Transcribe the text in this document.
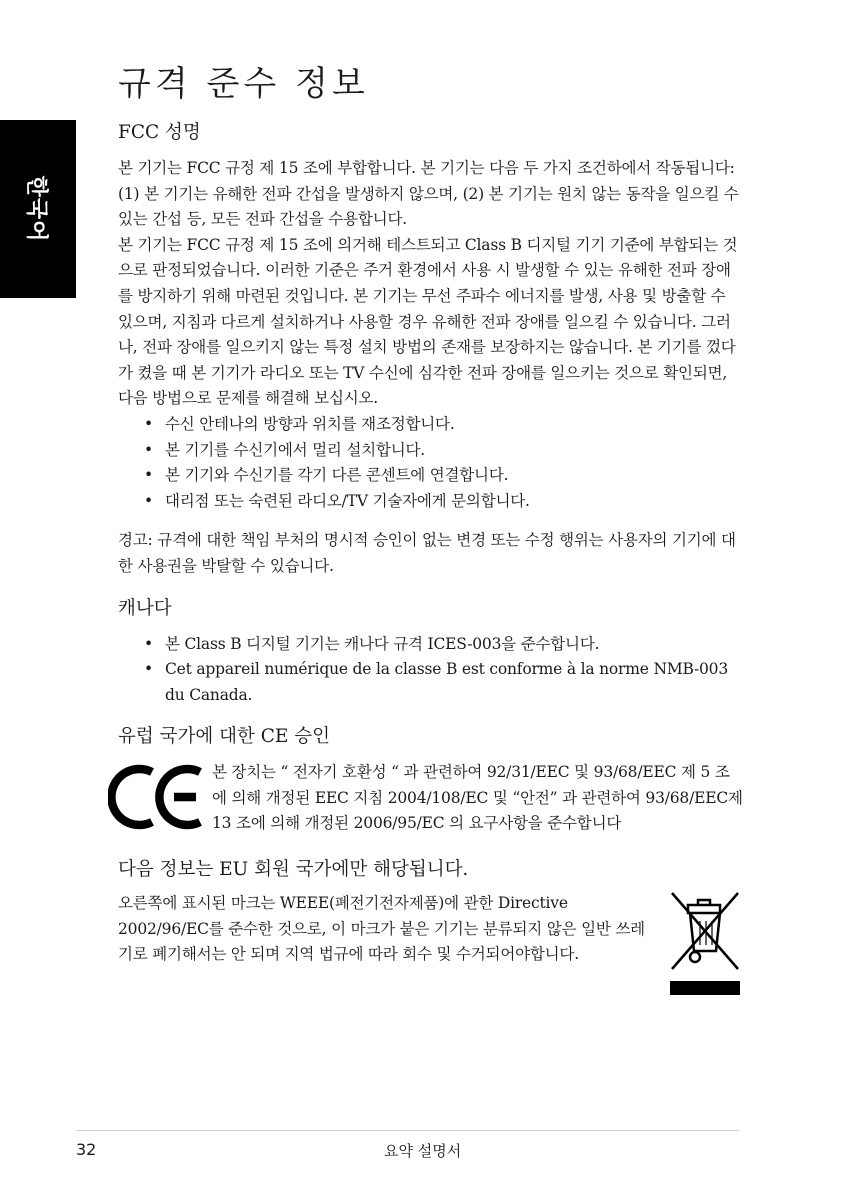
한국어
규격 준수 정보
FCC 성명

본 기기는 FCC 규정 제 15 조에 부합합니다. 본 기기는 다음 두 가지 조건하에서 작동됩니다: (1) 본 기기는 유해한 전파 간섭을 발생하지 않으며, (2) 본 기기는 원치 않는 동작을 일으킬 수 있는 간섭 등, 모든 전파 간섭을 수용합니다.

본 기기는 FCC 규정 제 15 조에 의거해 테스트되고 Class B 디지털 기기 기준에 부합되는 것으로 판정되었습니다. 이러한 기준은 주거 환경에서 사용 시 발생할 수 있는 유해한 전파 장애를 방지하기 위해 마련된 것입니다. 본 기기는 무선 주파수 에너지를 발생, 사용 및 방출할 수 있으며, 지침과 다르게 설치하거나 사용할 경우 유해한 전파 장애를 일으킬 수 있습니다. 그러나, 전파 장애를 일으키지 않는 특정 설치 방법의 존재를 보장하지는 않습니다. 본 기기를 껐다가 켰을 때 본 기기가 라디오 또는 TV 수신에 심각한 전파 장애를 일으키는 것으로 확인되면, 다음 방법으로 문제를 해결해 보십시오.

• 수신 안테나의 방향과 위치를 재조정합니다.
• 본 기기를 수신기에서 멀리 설치합니다.
• 본 기기와 수신기를 각기 다른 콘센트에 연결합니다.
• 대리점 또는 숙련된 라디오/TV 기술자에게 문의합니다.

경고: 규격에 대한 책임 부처의 명시적 승인이 없는 변경 또는 수정 행위는 사용자의 기기에 대한 사용권을 박탈할 수 있습니다.

캐나다
• 본 Class B 디지털 기기는 캐나다 규격 ICES-003을 준수합니다.
• Cet appareil numérique de la classe B est conforme à la norme NMB-003 du Canada.
유럽 국가에 대한 CE 승인
본 장치는 “ 전자기 호환성 “ 과 관련하여 92/31/EEC 및 93/68/EEC 제 5 조에 의해 개정된 EEC 지침 2004/108/EC 및 “안전” 과 관련하여 93/68/EEC제 13 조에 의해 개정된 2006/95/EC 의 요구사항을 준수합니다
다음 정보는 EU 회원 국가에만 해당됩니다.

오른쪽에 표시된 마크는 WEEE(폐전기전자제품)에 관한 Directive 2002/96/EC를 준수한 것으로, 이 마크가 붙은 기기는 분류되지 않은 일반 쓰레기로 폐기해서는 안 되며 지역 법규에 따라 회수 및 수거되어야합니다.

32	요약 설명서
